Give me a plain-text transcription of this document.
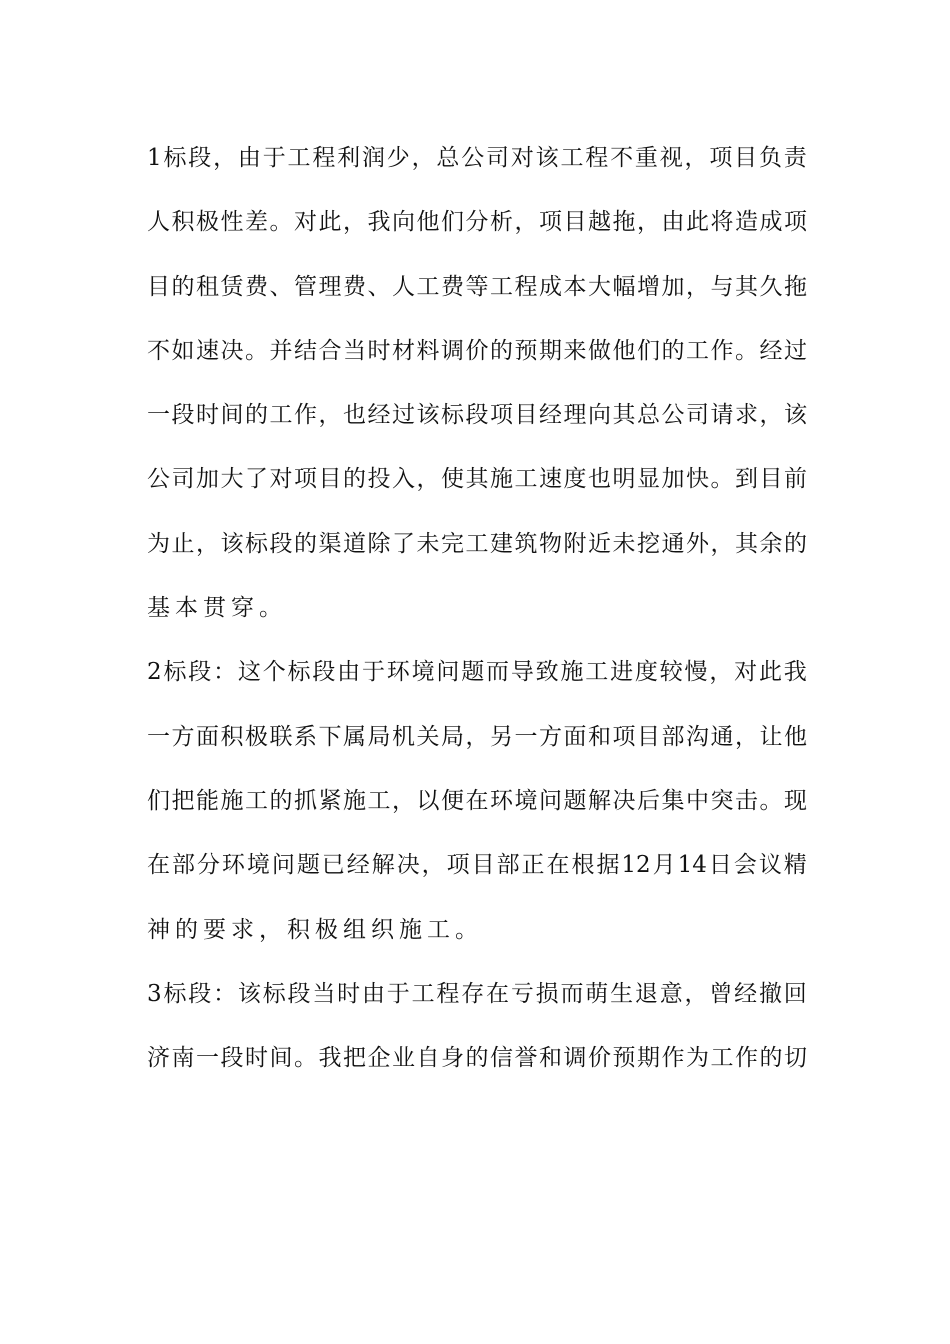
1 标 段 ， 由 于 工 程 利 润 少 ， 总 公 司 对 该 工 程 不 重 视 ， 项 目 负 责
人 积 极 性 差 。 对 此 ， 我 向 他 们 分 析 ， 项 目 越 拖 ， 由 此 将 造 成 项
目 的 租 赁 费 、 管 理 费 、 人 工 费 等 工 程 成 本 大 幅 增 加 ， 与 其 久 拖
不 如 速 决 。 并 结 合 当 时 材 料 调 价 的 预 期 来 做 他 们 的 工 作 。 经 过
一 段 时 间 的 工 作 ， 也 经 过 该 标 段 项 目 经 理 向 其 总 公 司 请 求 ， 该
公 司 加 大 了 对 项 目 的 投 入 ， 使 其 施 工 速 度 也 明 显 加 快 。 到 目 前
为 止 ， 该 标 段 的 渠 道 除 了 未 完 工 建 筑 物 附 近 未 挖 通 外 ， 其 余 的
基本贯穿。
2 标 段 ： 这 个 标 段 由 于 环 境 问 题 而 导 致 施 工 进 度 较 慢 ， 对 此 我
一 方 面 积 极 联 系 下 属 局 机 关 局 ， 另 一 方 面 和 项 目 部 沟 通 ， 让 他
们 把 能 施 工 的 抓 紧 施 工 ， 以 便 在 环 境 问 题 解 决 后 集 中 突 击 。 现
在 部 分 环 境 问 题 已 经 解 决 ， 项 目 部 正 在 根 据 12 月 14 日 会 议 精
神的要求，积极组织施工。
3 标 段 ： 该 标 段 当 时 由 于 工 程 存 在 亏 损 而 萌 生 退 意 ， 曾 经 撤 回
济 南 一 段 时 间 。 我 把 企 业 自 身 的 信 誉 和 调 价 预 期 作 为 工 作 的 切
